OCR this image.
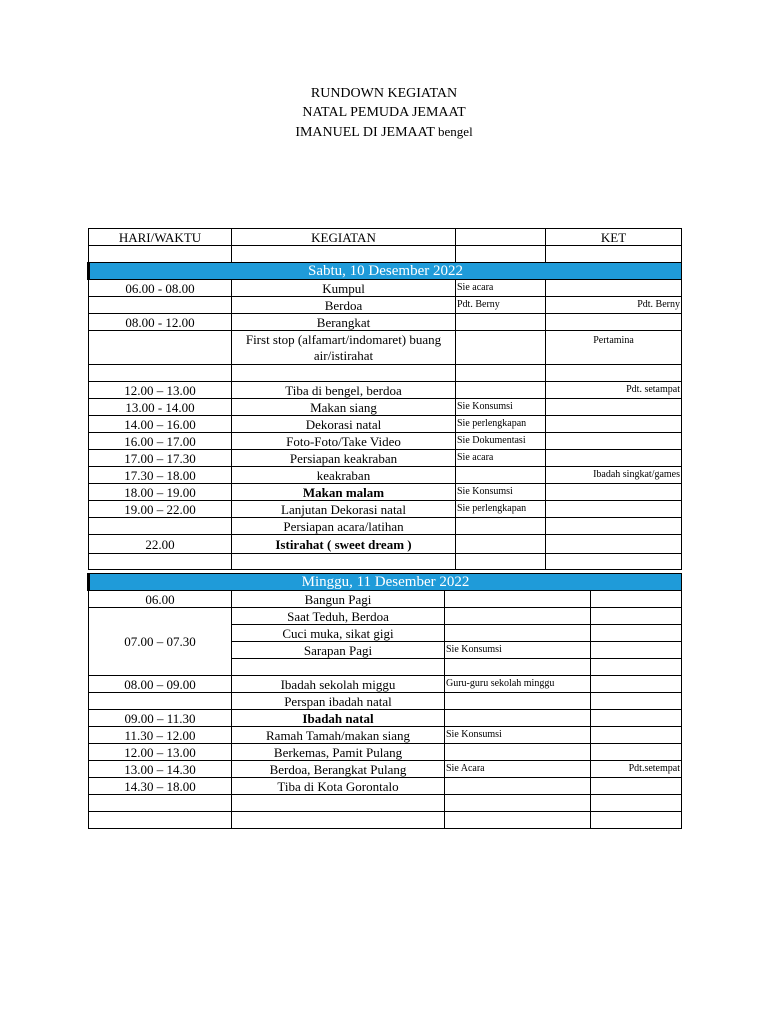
RUNDOWN KEGIATAN
NATAL PEMUDA JEMAAT
IMANUEL DI JEMAAT bengel
HARI/WAKTU	KEGIATAN		KET

Sabtu, 10 Desember 2022			
06.00 - 08.00	Kumpul	Sie acara	
	Berdoa	Pdt. Berny	Pdt. Berny
08.00 - 12.00	Berangkat		
	First stop (alfamart/indomaret) buang air/istirahat		Pertamina

12.00 – 13.00	Tiba di bengel, berdoa		Pdt. setampat
13.00 - 14.00	Makan siang	Sie Konsumsi	
14.00 – 16.00	Dekorasi natal	Sie perlengkapan	
16.00 – 17.00	Foto-Foto/Take Video	Sie Dokumentasi	
17.00 – 17.30	Persiapan keakraban	Sie acara	
17.30 – 18.00	keakraban		Ibadah singkat/games
18.00 – 19.00	Makan malam	Sie Konsumsi	
19.00 – 22.00	Lanjutan Dekorasi natal	Sie perlengkapan	
	Persiapan acara/latihan		
22.00	Istirahat ( sweet dream )		

Minggu, 11 Desember 2022			
06.00	Bangun Pagi		
07.00 – 07.30	Saat Teduh, Berdoa		
	Cuci muka, sikat gigi		
	Sarapan Pagi	Sie Konsumsi	

08.00 – 09.00	Ibadah sekolah miggu	Guru-guru sekolah minggu	
	Perspan ibadah natal		
09.00 – 11.30	Ibadah natal		
11.30 – 12.00	Ramah Tamah/makan siang	Sie Konsumsi	
12.00 – 13.00	Berkemas, Pamit Pulang		
13.00 – 14.30	Berdoa, Berangkat Pulang	Sie Acara	Pdt.setempat
14.30 – 18.00	Tiba di Kota Gorontalo		
